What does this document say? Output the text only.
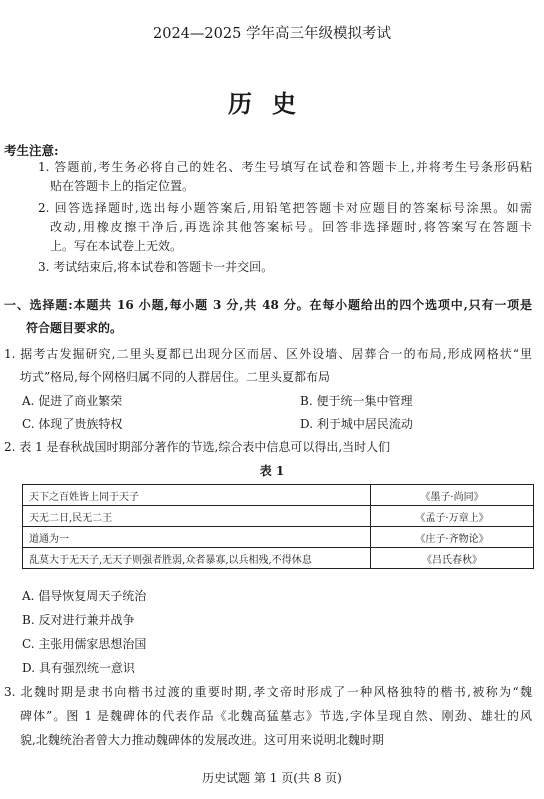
2024—2025 学年高三年级模拟考试
历史
考生注意:
1. 答题前,考生务必将自己的姓名、考生号填写在试卷和答题卡上,并将考生号条形码粘
贴在答题卡上的指定位置。
2. 回答选择题时,选出每小题答案后,用铅笔把答题卡对应题目的答案标号涂黑。如需
改动,用橡皮擦干净后,再选涂其他答案标号。回答非选择题时,将答案写在答题卡
上。写在本试卷上无效。
3. 考试结束后,将本试卷和答题卡一并交回。
一、选择题:本题共 16 小题,每小题 3 分,共 48 分。在每小题给出的四个选项中,只有一项是
符合题目要求的。
1. 据考古发掘研究,二里头夏都已出现分区而居、区外设墙、居葬合一的布局,形成网格状“里
坊式”格局,每个网格归属不同的人群居住。二里头夏都布局
A. 促进了商业繁荣	B. 便于统一集中管理
C. 体现了贵族特权	D. 利于城中居民流动
2. 表 1 是春秋战国时期部分著作的节选,综合表中信息可以得出,当时人们
表 1
天下之百姓皆上同于天子	《墨子·尚同》
天无二日,民无二王	《孟子·万章上》
道通为一	《庄子·齐物论》
乱莫大于无天子,无天子则强者胜弱,众者暴寡,以兵相残,不得休息	《吕氏春秋》
A. 倡导恢复周天子统治
B. 反对进行兼并战争
C. 主张用儒家思想治国
D. 具有强烈统一意识
3. 北魏时期是隶书向楷书过渡的重要时期,孝文帝时形成了一种风格独特的楷书,被称为“魏
碑体”。图 1 是魏碑体的代表作品《北魏高猛墓志》节选,字体呈现自然、刚劲、雄壮的风
貌,北魏统治者曾大力推动魏碑体的发展改进。这可用来说明北魏时期
历史试题 第 1 页(共 8 页)
